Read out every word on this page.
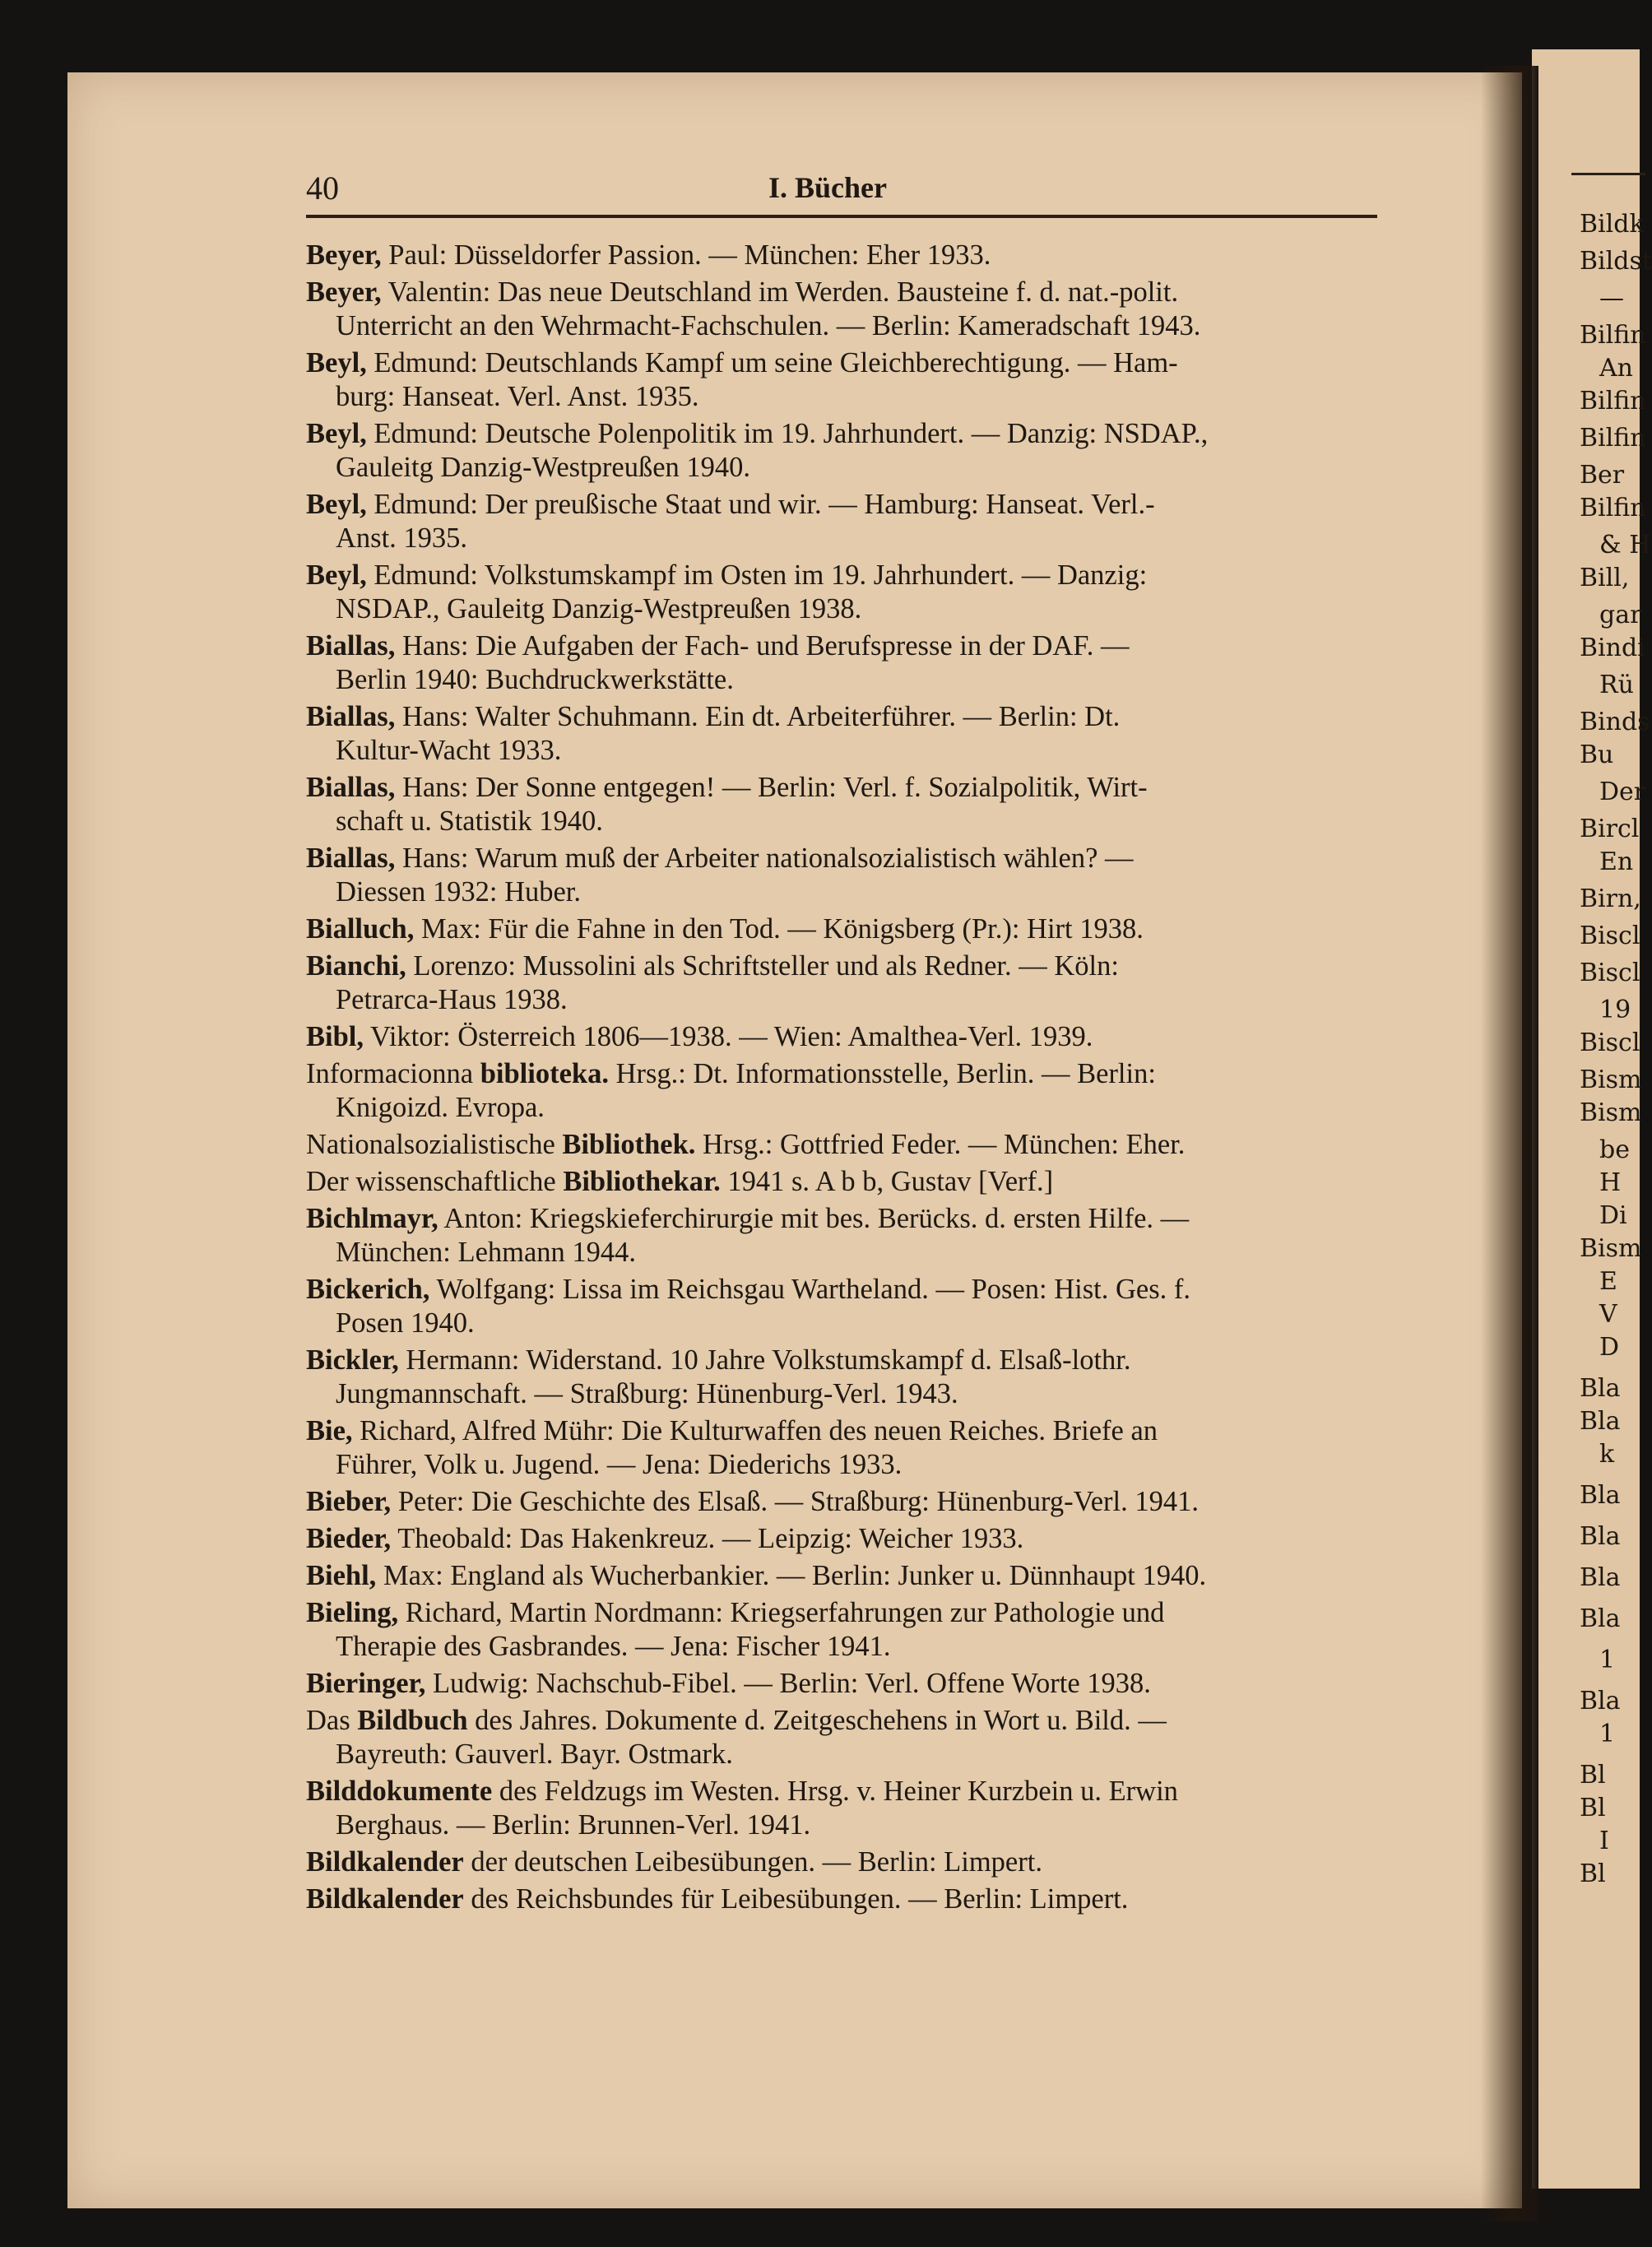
Bildk
Bildst
—
Bilfin
An
Bilfin
Bilfin
Ber
Bilfin
& H
Bill,
gar
Bindi
Rü
Binds
Bu
Der
Bircl
En
Birn,
Biscl
Biscl
19
Biscl
Bism
Bism
be
H
Di
Bism
E
V
D
Bla
Bla
k
Bla
Bla
Bla
Bla
1
Bla
1
Bl
Bl
I
Bl
40	I. Bücher
Beyer, Paul: Düsseldorfer Passion. — München: Eher 1933.
Beyer, Valentin: Das neue Deutschland im Werden. Bausteine f. d. nat.-polit.
Unterricht an den Wehrmacht-Fachschulen. — Berlin: Kameradschaft 1943.
Beyl, Edmund: Deutschlands Kampf um seine Gleichberechtigung. — Ham-
burg: Hanseat. Verl. Anst. 1935.
Beyl, Edmund: Deutsche Polenpolitik im 19. Jahrhundert. — Danzig: NSDAP.,
Gauleitg Danzig-Westpreußen 1940.
Beyl, Edmund: Der preußische Staat und wir. — Hamburg: Hanseat. Verl.-
Anst. 1935.
Beyl, Edmund: Volkstumskampf im Osten im 19. Jahrhundert. — Danzig:
NSDAP., Gauleitg Danzig-Westpreußen 1938.
Biallas, Hans: Die Aufgaben der Fach- und Berufspresse in der DAF. —
Berlin 1940: Buchdruckwerkstätte.
Biallas, Hans: Walter Schuhmann. Ein dt. Arbeiterführer. — Berlin: Dt.
Kultur-Wacht 1933.
Biallas, Hans: Der Sonne entgegen! — Berlin: Verl. f. Sozialpolitik, Wirt-
schaft u. Statistik 1940.
Biallas, Hans: Warum muß der Arbeiter nationalsozialistisch wählen? —
Diessen 1932: Huber.
Bialluch, Max: Für die Fahne in den Tod. — Königsberg (Pr.): Hirt 1938.
Bianchi, Lorenzo: Mussolini als Schriftsteller und als Redner. — Köln:
Petrarca-Haus 1938.
Bibl, Viktor: Österreich 1806—1938. — Wien: Amalthea-Verl. 1939.
Informacionna biblioteka. Hrsg.: Dt. Informationsstelle, Berlin. — Berlin:
Knigoizd. Evropa.
Nationalsozialistische Bibliothek. Hrsg.: Gottfried Feder. — München: Eher.
Der wissenschaftliche Bibliothekar. 1941 s. A b b, Gustav [Verf.]
Bichlmayr, Anton: Kriegskieferchirurgie mit bes. Berücks. d. ersten Hilfe. —
München: Lehmann 1944.
Bickerich, Wolfgang: Lissa im Reichsgau Wartheland. — Posen: Hist. Ges. f.
Posen 1940.
Bickler, Hermann: Widerstand. 10 Jahre Volkstumskampf d. Elsaß-lothr.
Jungmannschaft. — Straßburg: Hünenburg-Verl. 1943.
Bie, Richard, Alfred Mühr: Die Kulturwaffen des neuen Reiches. Briefe an
Führer, Volk u. Jugend. — Jena: Diederichs 1933.
Bieber, Peter: Die Geschichte des Elsaß. — Straßburg: Hünenburg-Verl. 1941.
Bieder, Theobald: Das Hakenkreuz. — Leipzig: Weicher 1933.
Biehl, Max: England als Wucherbankier. — Berlin: Junker u. Dünnhaupt 1940.
Bieling, Richard, Martin Nordmann: Kriegserfahrungen zur Pathologie und
Therapie des Gasbrandes. — Jena: Fischer 1941.
Bieringer, Ludwig: Nachschub-Fibel. — Berlin: Verl. Offene Worte 1938.
Das Bildbuch des Jahres. Dokumente d. Zeitgeschehens in Wort u. Bild. —
Bayreuth: Gauverl. Bayr. Ostmark.
Bilddokumente des Feldzugs im Westen. Hrsg. v. Heiner Kurzbein u. Erwin
Berghaus. — Berlin: Brunnen-Verl. 1941.
Bildkalender der deutschen Leibesübungen. — Berlin: Limpert.
Bildkalender des Reichsbundes für Leibesübungen. — Berlin: Limpert.
